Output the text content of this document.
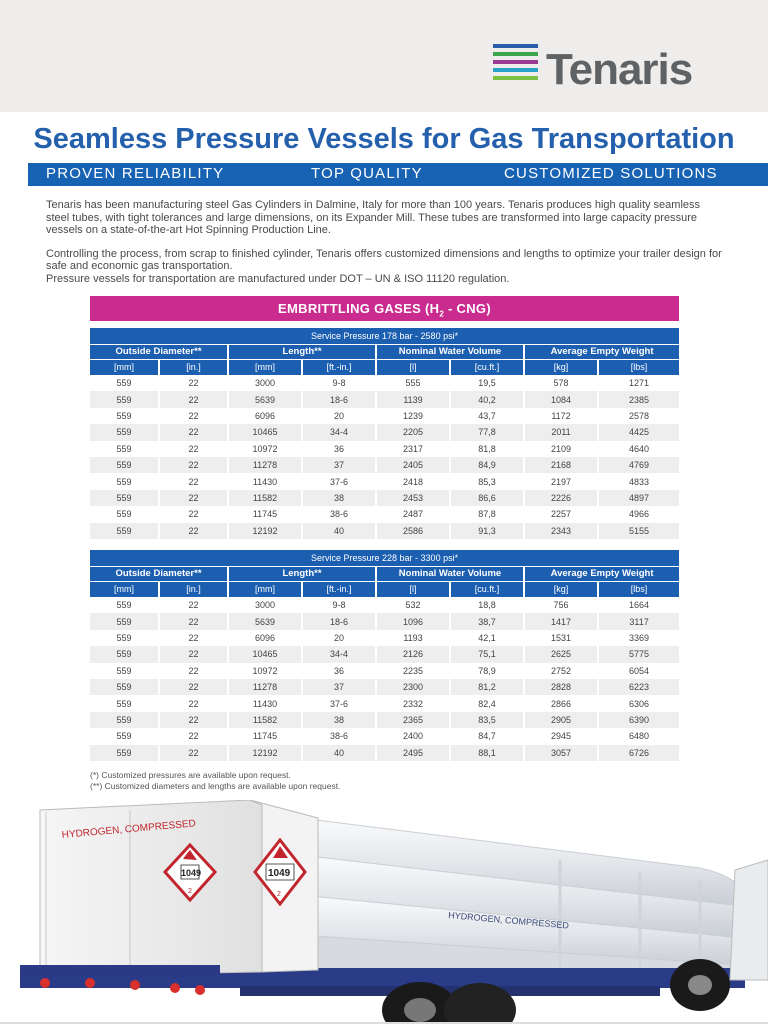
Tenaris
Seamless Pressure Vessels for Gas Transportation
PROVEN RELIABILITY	TOP QUALITY	CUSTOMIZED SOLUTIONS

Tenaris has been manufacturing steel Gas Cylinders in Dalmine, Italy for more than 100 years. Tenaris produces high quality seamless steel tubes, with tight tolerances and large dimensions, on its Expander Mill. These tubes are transformed into large capacity pressure vessels on a state-of-the-art Hot Spinning Production Line.

Controlling the process, from scrap to finished cylinder, Tenaris offers customized dimensions and lengths to optimize your trailer design for safe and economic gas transportation.

Pressure vessels for transportation are manufactured under DOT – UN & ISO 11120 regulation.

EMBRITTLING GASES $(H_2 - CNG)$
Service Pressure 178 bar - 2580 psi*							
Outside Diameter**		Length**		Nominal Water Volume		Average Empty Weight	
[mm]	[in.]	[mm]	[ft.-in.]	[l]	[cu.ft.]	[kg]	[lbs]
559	22	3000	9-8	555	19,5	578	1271
559	22	5639	18-6	1139	40,2	1084	2385
559	22	6096	20	1239	43,7	1172	2578
559	22	10465	34-4	2205	77,8	2011	4425
559	22	10972	36	2317	81,8	2109	4640
559	22	11278	37	2405	84,9	2168	4769
559	22	11430	37-6	2418	85,3	2197	4833
559	22	11582	38	2453	86,6	2226	4897
559	22	11745	38-6	2487	87,8	2257	4966
559	22	12192	40	2586	91,3	2343	5155
Service Pressure 228 bar - 3300 psi*							
Outside Diameter**		Length**		Nominal Water Volume		Average Empty Weight	
[mm]	[in.]	[mm]	[ft.-in.]	[l]	[cu.ft.]	[kg]	[lbs]
559	22	3000	9-8	532	18,8	756	1664
559	22	5639	18-6	1096	38,7	1417	3117
559	22	6096	20	1193	42,1	1531	3369
559	22	10465	34-4	2126	75,1	2625	5775
559	22	10972	36	2235	78,9	2752	6054
559	22	11278	37	2300	81,2	2828	6223
559	22	11430	37-6	2332	82,4	2866	6306
559	22	11582	38	2365	83,5	2905	6390
559	22	11745	38-6	2400	84,7	2945	6480
559	22	12192	40	2495	88,1	3057	6726
(*) Customized pressures are available upon request.
(**) Customized diameters and lengths are available upon request.
HYDROGEN, COMPRESSED
HYDROGEN, COMPRESSED
1049
2
1049
2
